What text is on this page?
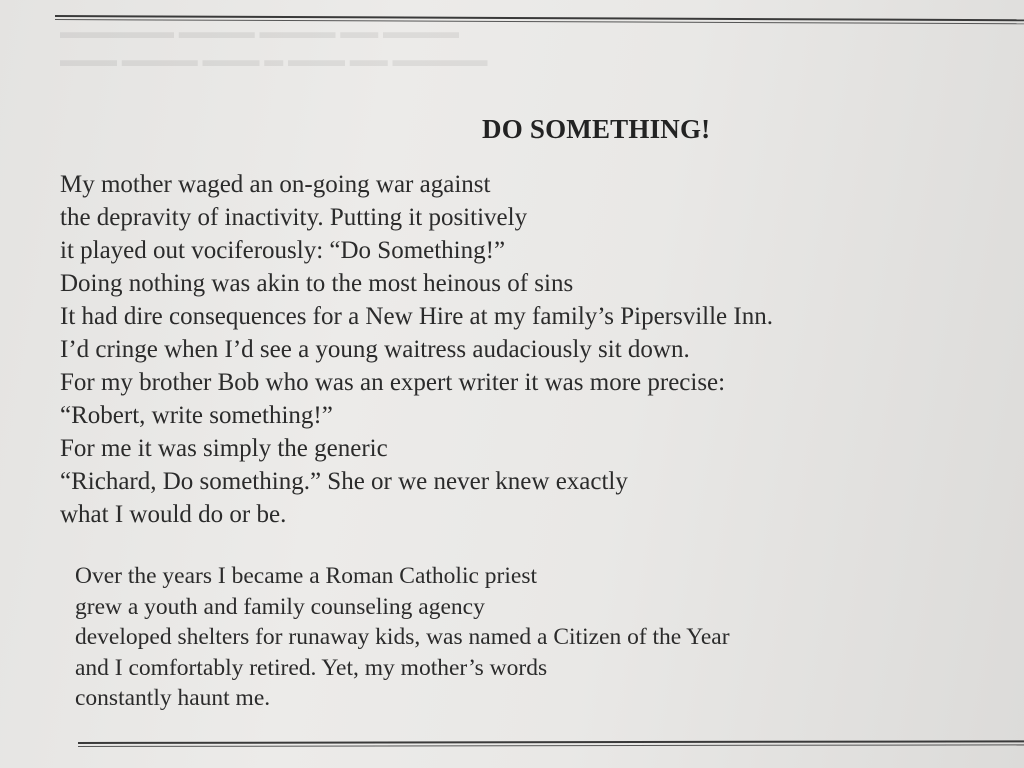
▬▬▬▬ ▬▬ ▬▬▬▬ ▬▬▬▬ ▬▬▬▬▬▬
▬▬▬▬▬ ▬▬ ▬▬▬ ▬ ▬▬▬ ▬▬▬▬ ▬▬▬
DO SOMETHING!
My mother waged an on-going war against
the depravity of inactivity. Putting it positively
it played out vociferously: “Do Something!”
Doing nothing was akin to the most heinous of sins
It had dire consequences for a New Hire at my family’s Pipersville Inn.
I’d cringe when I’d see a young waitress audaciously sit down.
For my brother Bob who was an expert writer it was more precise:
“Robert, write something!”
For me it was simply the generic
“Richard, Do something.” She or we never knew exactly
what I would do or be.
Over the years I became a Roman Catholic priest
grew a youth and family counseling agency
developed shelters for runaway kids, was named a Citizen of the Year
and I comfortably retired. Yet, my mother’s words
constantly haunt me.
